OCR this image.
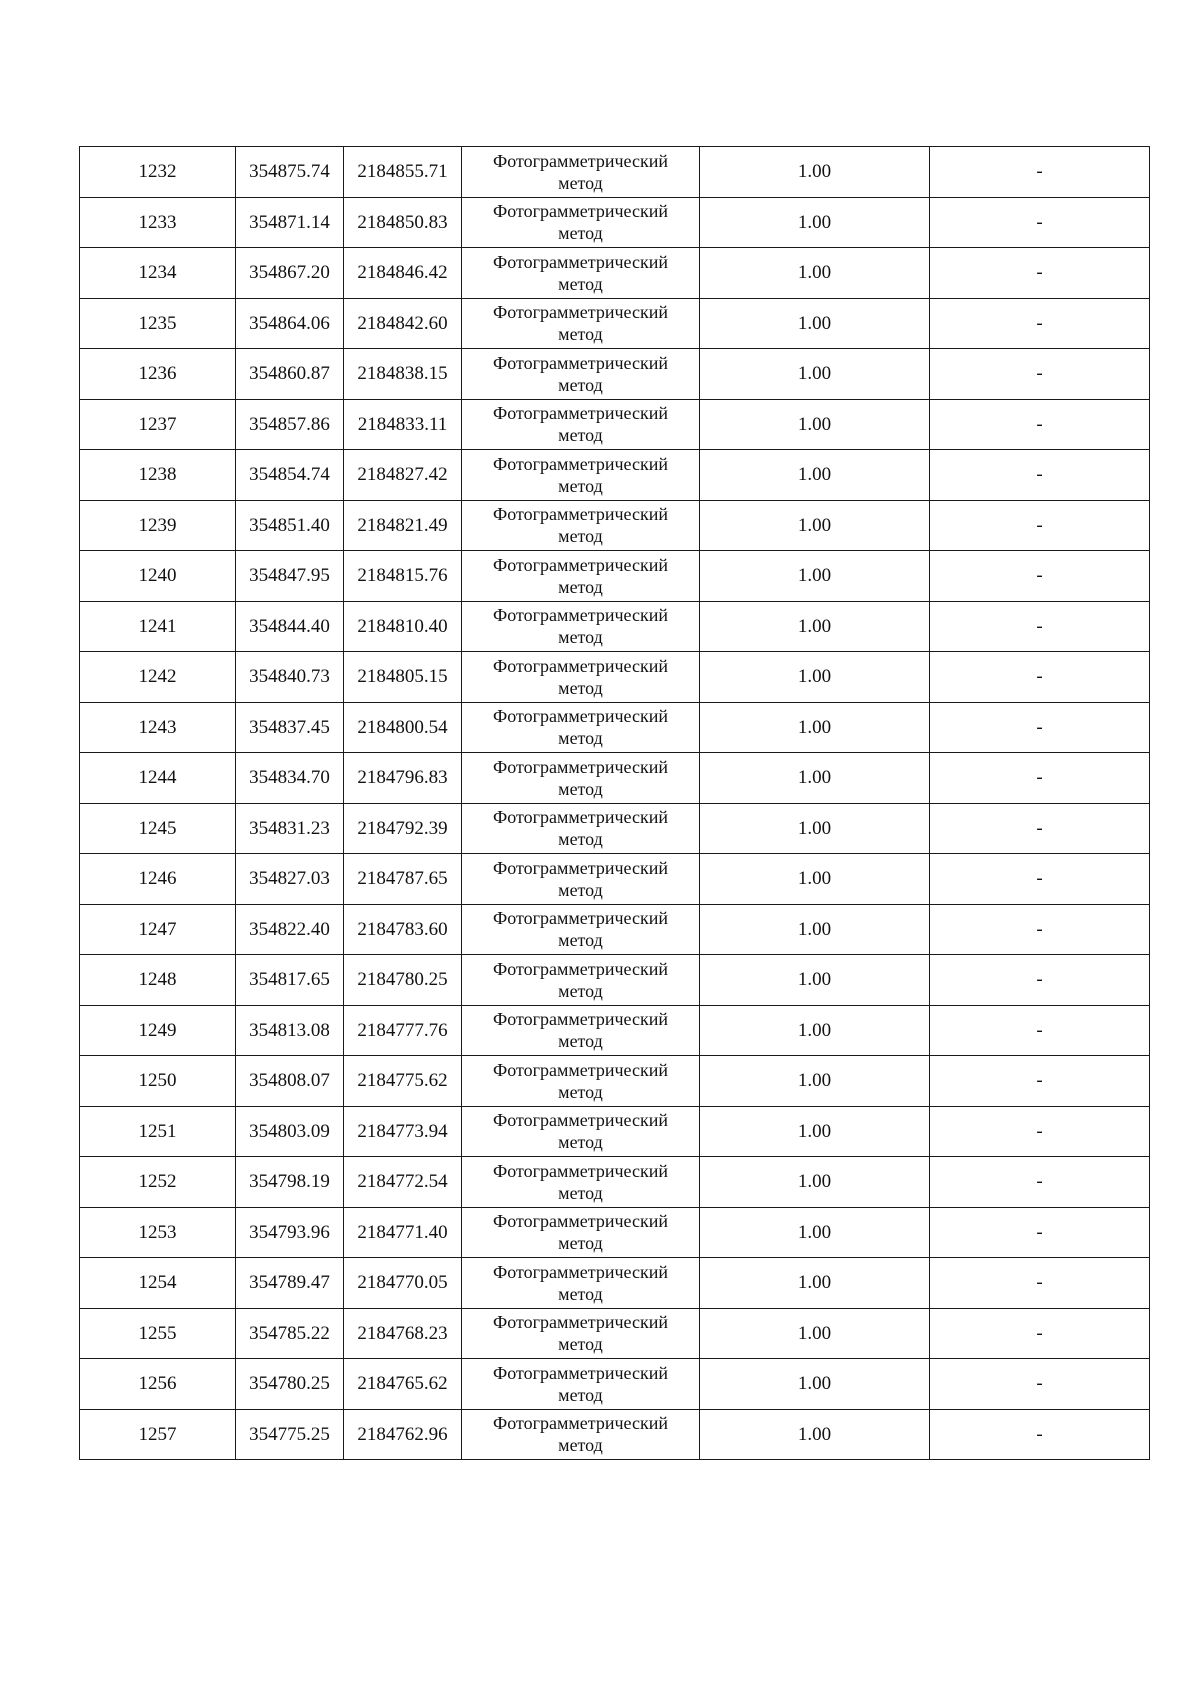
1232	354875.74	2184855.71	Фотограмметрический
метод	1.00	-
1233	354871.14	2184850.83	Фотограмметрический
метод	1.00	-
1234	354867.20	2184846.42	Фотограмметрический
метод	1.00	-
1235	354864.06	2184842.60	Фотограмметрический
метод	1.00	-
1236	354860.87	2184838.15	Фотограмметрический
метод	1.00	-
1237	354857.86	2184833.11	Фотограмметрический
метод	1.00	-
1238	354854.74	2184827.42	Фотограмметрический
метод	1.00	-
1239	354851.40	2184821.49	Фотограмметрический
метод	1.00	-
1240	354847.95	2184815.76	Фотограмметрический
метод	1.00	-
1241	354844.40	2184810.40	Фотограмметрический
метод	1.00	-
1242	354840.73	2184805.15	Фотограмметрический
метод	1.00	-
1243	354837.45	2184800.54	Фотограмметрический
метод	1.00	-
1244	354834.70	2184796.83	Фотограмметрический
метод	1.00	-
1245	354831.23	2184792.39	Фотограмметрический
метод	1.00	-
1246	354827.03	2184787.65	Фотограмметрический
метод	1.00	-
1247	354822.40	2184783.60	Фотограмметрический
метод	1.00	-
1248	354817.65	2184780.25	Фотограмметрический
метод	1.00	-
1249	354813.08	2184777.76	Фотограмметрический
метод	1.00	-
1250	354808.07	2184775.62	Фотограмметрический
метод	1.00	-
1251	354803.09	2184773.94	Фотограмметрический
метод	1.00	-
1252	354798.19	2184772.54	Фотограмметрический
метод	1.00	-
1253	354793.96	2184771.40	Фотограмметрический
метод	1.00	-
1254	354789.47	2184770.05	Фотограмметрический
метод	1.00	-
1255	354785.22	2184768.23	Фотограмметрический
метод	1.00	-
1256	354780.25	2184765.62	Фотограмметрический
метод	1.00	-
1257	354775.25	2184762.96	Фотограмметрический
метод	1.00	-
